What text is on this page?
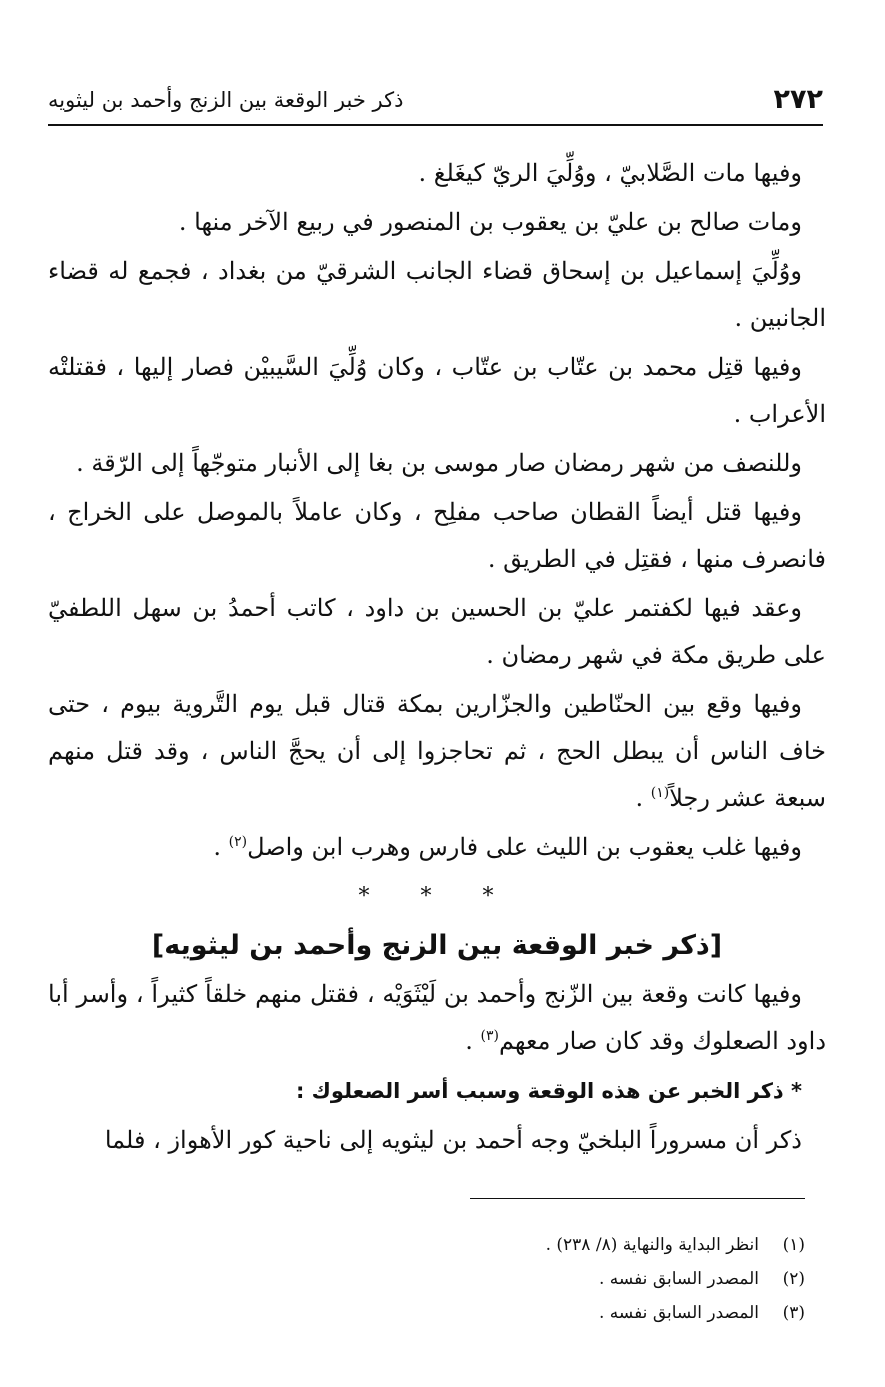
٢٧٢
ذكر خبر الوقعة بين الزنج وأحمد بن ليثويه

وفيها مات الصَّلابيّ ، ووُلِّيَ الريّ كيغَلغ .

ومات صالح بن عليّ بن يعقوب بن المنصور في ربيع الآخر منها .

ووُلِّيَ إسماعيل بن إسحاق قضاء الجانب الشرقيّ من بغداد ، فجمع له قضاء الجانبين .

وفيها قتِل محمد بن عتّاب بن عتّاب ، وكان وُلِّيَ السَّيبيْن فصار إليها ، فقتلتْه الأعراب .

وللنصف من شهر رمضان صار موسى بن بغا إلى الأنبار متوجّهاً إلى الرّقة .

وفيها قتل أيضاً القطان صاحب مفلِح ، وكان عاملاً بالموصل على الخراج ، فانصرف منها ، فقتِل في الطريق .

وعقد فيها لكفتمر عليّ بن الحسين بن داود ، كاتب أحمدُ بن سهل اللطفيّ على طريق مكة في شهر رمضان .

وفيها وقع بين الحنّاطين والجزّارين بمكة قتال قبل يوم التَّروية بيوم ، حتى خاف الناس أن يبطل الحج ، ثم تحاجزوا إلى أن يحجَّ الناس ، وقد قتل منهم سبعة عشر رجلاً$^{(١)}$ .

وفيها غلب يعقوب بن الليث على فارس وهرب ابن واصل$^{(٢)}$ .

* * *

[ذكر خبر الوقعة بين الزنج وأحمد بن ليثويه]

وفيها كانت وقعة بين الزّنج وأحمد بن لَيْثَوَيْه ، فقتل منهم خلقاً كثيراً ، وأسر أبا داود الصعلوك وقد كان صار معهم$^{(٣)}$ .

* ذكر الخبر عن هذه الوقعة وسبب أسر الصعلوك :

ذكر أن مسروراً البلخيّ وجه أحمد بن ليثويه إلى ناحية كور الأهواز ، فلما

(١)
انظر البداية والنهاية (٨/ ٢٣٨) .
(٢)
المصدر السابق نفسه .
(٣)
المصدر السابق نفسه .
